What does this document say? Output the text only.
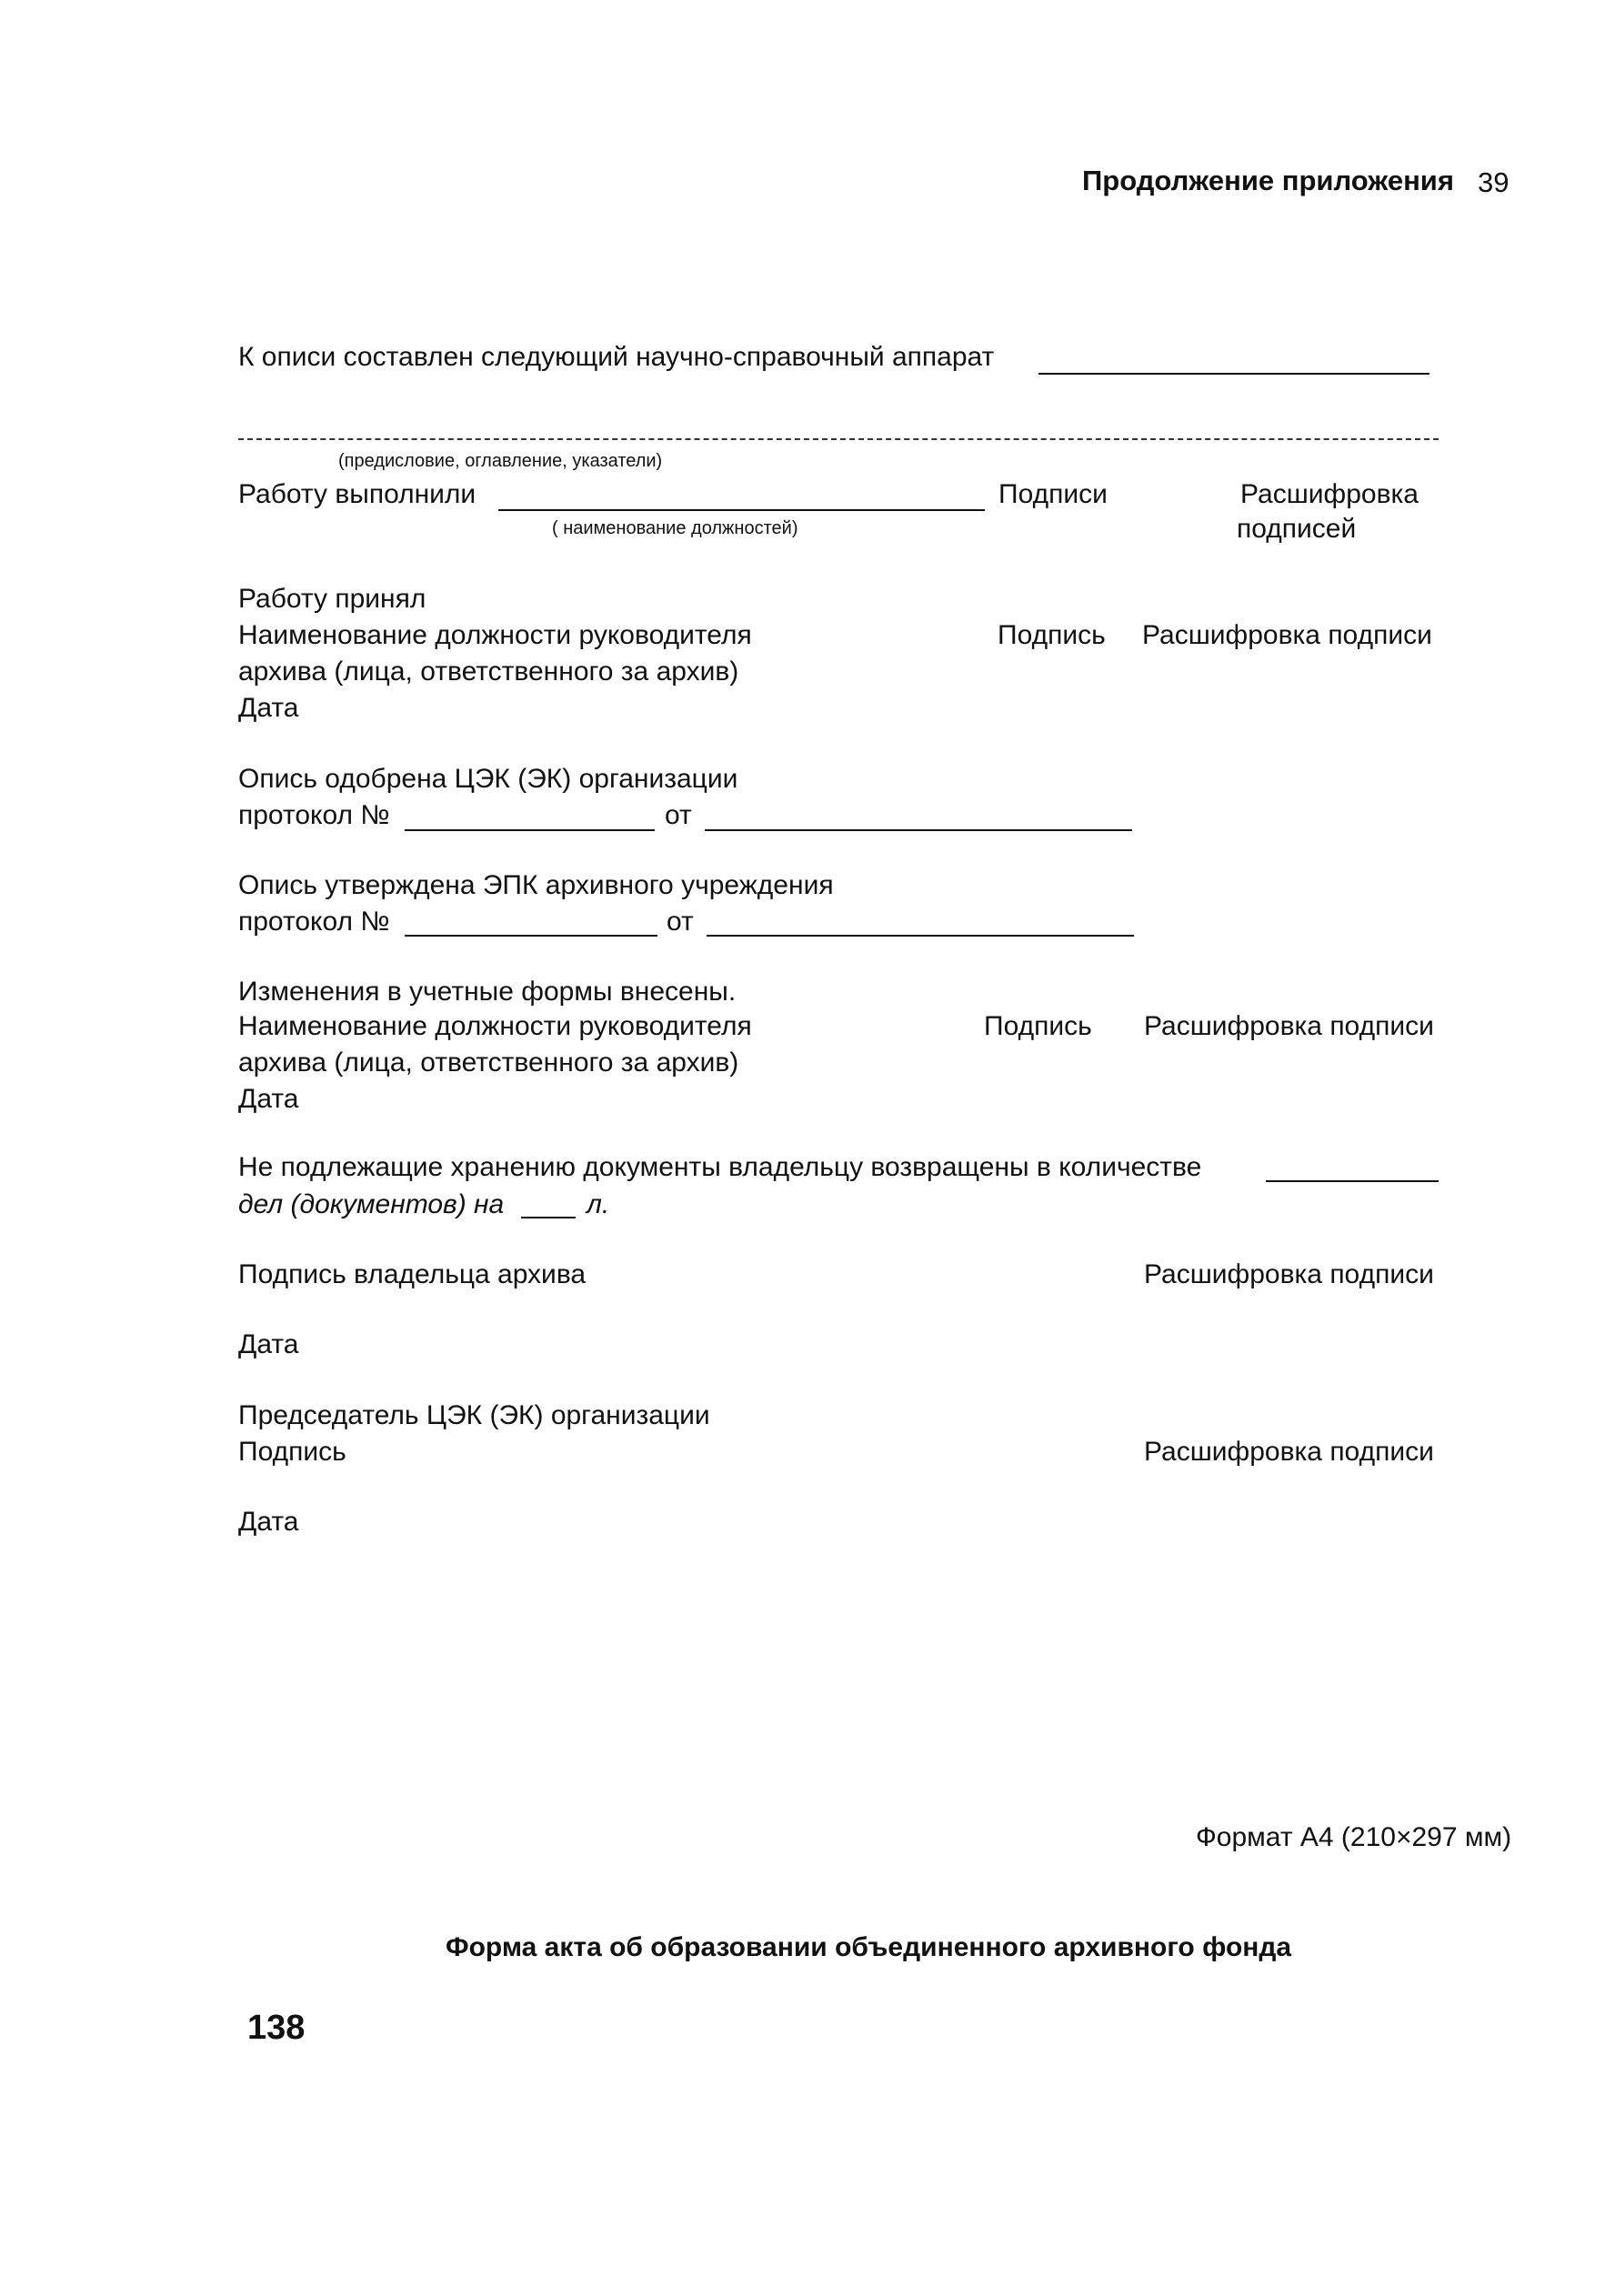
Продолжение приложения 39
К описи составлен следующий научно-справочный аппарат
(предисловие, оглавление, указатели)
Работу выполнили
( наименование должностей)
Подписи	Расшифровка
подписей
Работу принял
Наименование должности руководителя
архива (лица, ответственного за архив)
Дата
Подпись Расшифровка подписи
Опись одобрена ЦЭК (ЭК) организации
протокол №	от
Опись утверждена ЭПК архивного учреждения
протокол №	от
Изменения в учетные формы внесены.
Наименование должности руководителя
архива (лица, ответственного за архив)
Дата
Подпись Расшифровка подписи
Не подлежащие хранению документы владельцу возвращены в количестве
дел (документов) на	л.
Подпись владельца архива	Расшифровка подписи
Дата
Председатель ЦЭК (ЭК) организации
Подпись	Расшифровка подписи
Дата
Формат А4 (210×297 мм)
Форма акта об образовании объединенного архивного фонда
138
